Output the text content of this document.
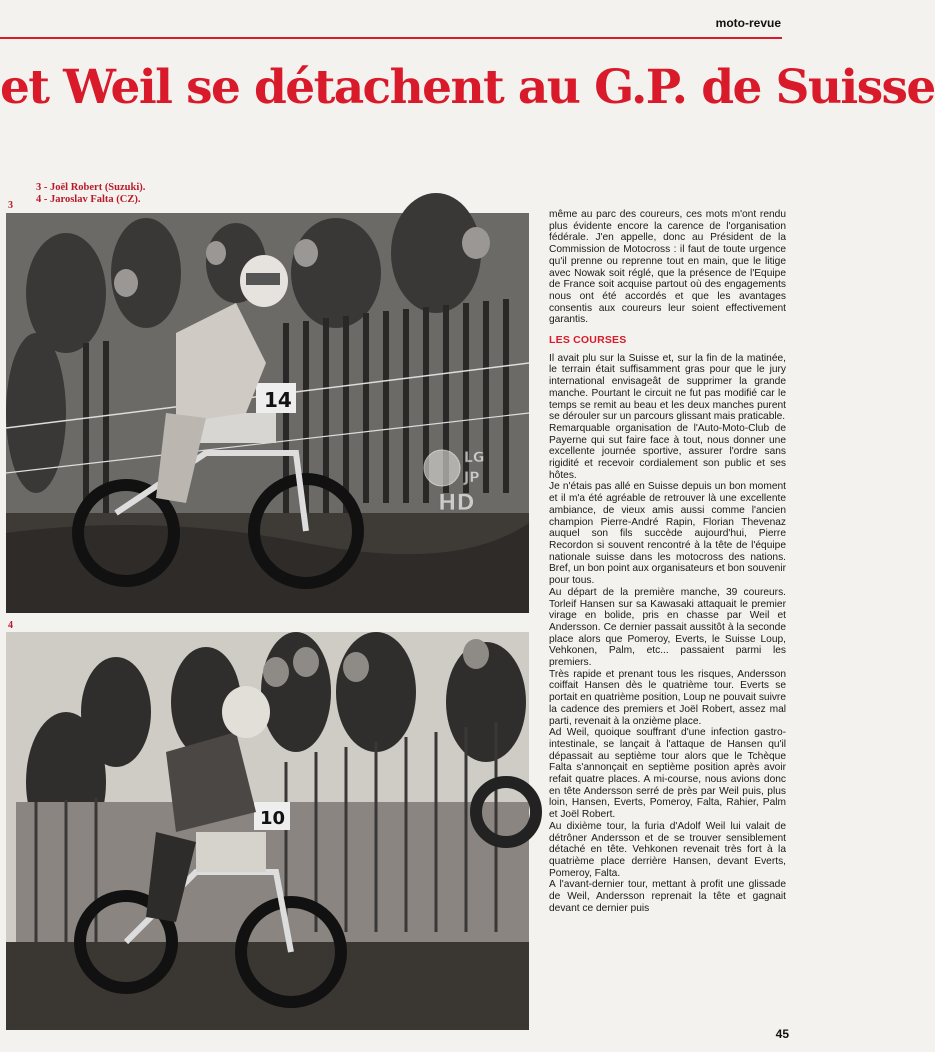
moto-revue
et Weil se détachent au G.P. de Suisse
3 - Joël Robert (Suzuki).
4 - Jaroslav Falta (CZ).
3
4
14
10
LG
JP
HD

même au parc des coureurs, ces mots m'ont rendu plus évidente encore la carence de l'organisation fédérale. J'en appelle, donc au Président de la Commission de Motocross : il faut de toute urgence qu'il prenne ou reprenne tout en main, que le litige avec Nowak soit réglé, que la présence de l'Equipe de France soit acquise partout où des engagements nous ont été accordés et que les avantages consentis aux coureurs leur soient effectivement garantis.

LES COURSES

Il avait plu sur la Suisse et, sur la fin de la matinée, le terrain était suffisamment gras pour que le jury international envisageât de supprimer la grande manche. Pourtant le circuit ne fut pas modifié car le temps se remit au beau et les deux manches purent se dérouler sur un parcours glissant mais praticable.

Remarquable organisation de l'Auto-Moto-Club de Payerne qui sut faire face à tout, nous donner une excellente journée sportive, assurer l'ordre sans rigidité et recevoir cordialement son public et ses hôtes.

Je n'étais pas allé en Suisse depuis un bon moment et il m'a été agréable de retrouver là une excellente ambiance, de vieux amis aussi comme l'ancien champion Pierre-André Rapin, Florian Thevenaz auquel son fils succède aujourd'hui, Pierre Recordon si souvent rencontré à la tête de l'équipe nationale suisse dans les motocross des nations. Bref, un bon point aux organisateurs et bon souvenir pour tous.

Au départ de la première manche, 39 coureurs. Torleif Hansen sur sa Kawasaki attaquait le premier virage en bolide, pris en chasse par Weil et Andersson. Ce dernier passait aussitôt à la seconde place alors que Pomeroy, Everts, le Suisse Loup, Vehkonen, Palm, etc... passaient parmi les premiers.

Très rapide et prenant tous les risques, Andersson coiffait Hansen dès le quatrième tour. Everts se portait en quatrième position, Loup ne pouvait suivre la cadence des premiers et Joël Robert, assez mal parti, revenait à la onzième place.

Ad Weil, quoique souffrant d'une infection gastro-intestinale, se lançait à l'attaque de Hansen qu'il dépassait au septième tour alors que le Tchèque Falta s'annonçait en septième position après avoir refait quatre places. A mi-course, nous avions donc en tête Andersson serré de près par Weil puis, plus loin, Hansen, Everts, Pomeroy, Falta, Rahier, Palm et Joël Robert.

Au dixième tour, la furia d'Adolf Weil lui valait de détrôner Andersson et de se trouver sensiblement détaché en tête. Vehkonen revenait très fort à la quatrième place derrière Hansen, devant Everts, Pomeroy, Falta.

A l'avant-dernier tour, mettant à profit une glissade de Weil, Andersson reprenait la tête et gagnait devant ce dernier puis

45
